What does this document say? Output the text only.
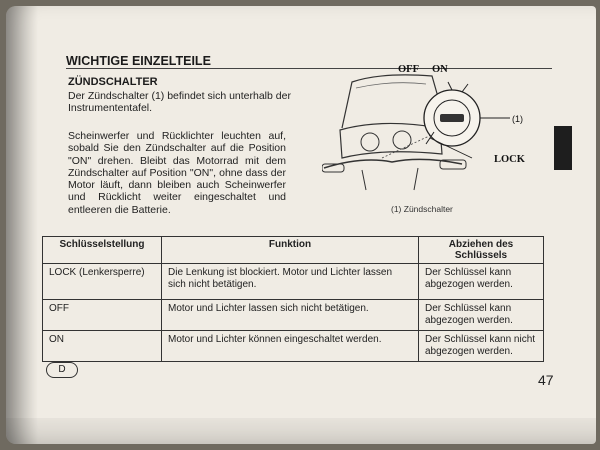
WICHTIGE EINZELTEILE
ZÜNDSCHALTER
Der Zündschalter (1) befindet sich unterhalb der Instrumententafel.
Scheinwerfer und Rücklichter leuchten auf, sobald Sie den Zündschalter auf die Position "ON" drehen. Bleibt das Motorrad mit dem Zündschalter auf Position "ON", ohne dass der Motor läuft, dann bleiben auch Scheinwerfer und Rücklicht weiter eingeschaltet und entleeren die Batterie.
OFF ON
LOCK
(1)
(1) Zündschalter
Schlüsselstellung	Funktion	Abziehen des Schlüssels
LOCK (Lenkersperre)	Die Lenkung ist blockiert. Motor und Lichter lassen sich nicht betätigen.	Der Schlüssel kann abgezogen werden.
OFF	Motor und Lichter lassen sich nicht betätigen.	Der Schlüssel kann abgezogen werden.
ON	Motor und Lichter können eingeschaltet werden.	Der Schlüssel kann nicht abgezogen werden.
D
47
